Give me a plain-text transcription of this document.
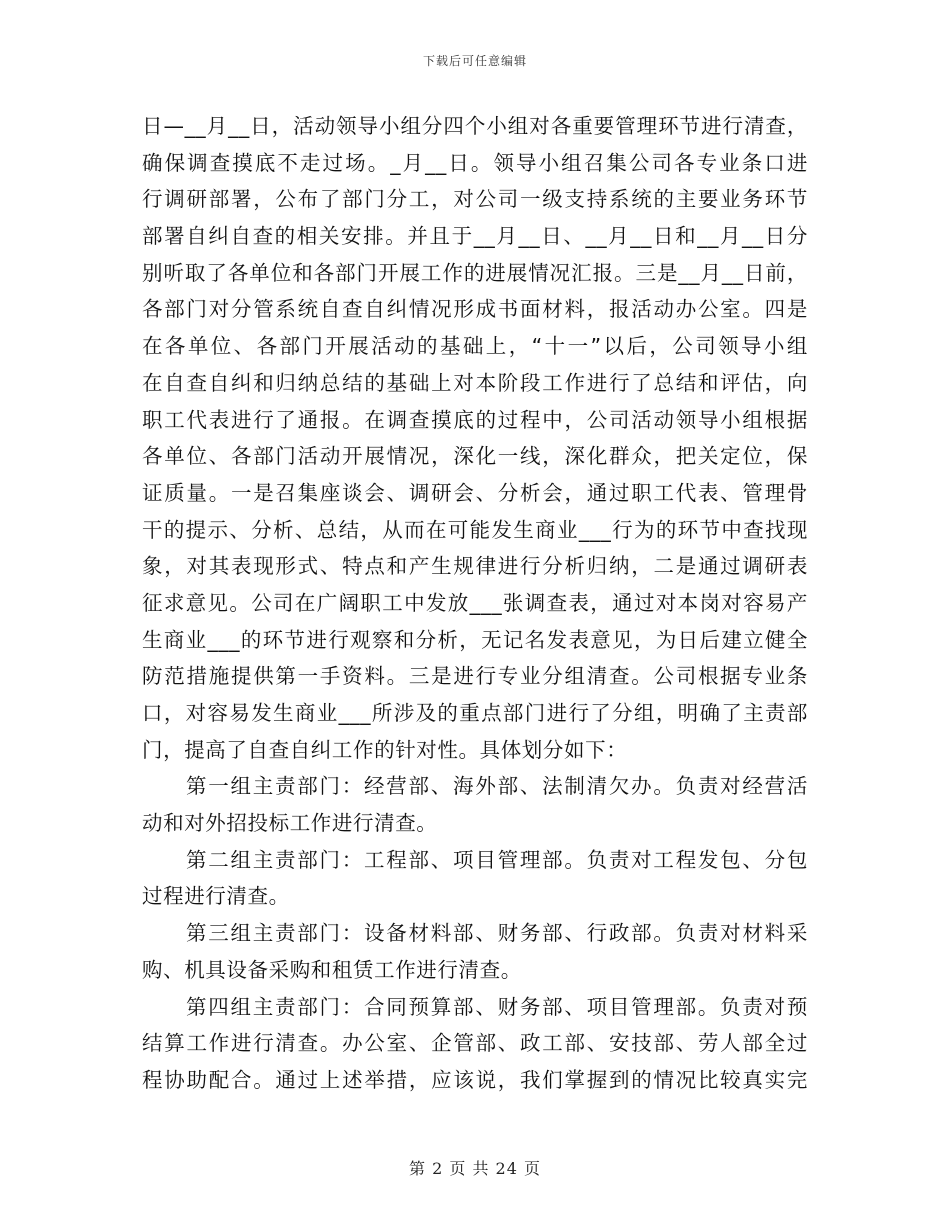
下载后可任意编辑
日—__月__日，活动领导小组分四个小组对各重要管理环节进行清查，
确保调查摸底不走过场。_月__日。领导小组召集公司各专业条口进
行调研部署，公布了部门分工，对公司一级支持系统的主要业务环节
部署自纠自查的相关安排。并且于__月__日、__月__日和__月__日分
别听取了各单位和各部门开展工作的进展情况汇报。三是__月__日前，
各部门对分管系统自查自纠情况形成书面材料，报活动办公室。四是
在各单位、各部门开展活动的基础上，“十一”以后，公司领导小组
在自查自纠和归纳总结的基础上对本阶段工作进行了总结和评估，向
职工代表进行了通报。在调查摸底的过程中，公司活动领导小组根据
各单位、各部门活动开展情况，深化一线，深化群众，把关定位，保
证质量。一是召集座谈会、调研会、分析会，通过职工代表、管理骨
干的提示、分析、总结，从而在可能发生商业___行为的环节中查找现
象，对其表现形式、特点和产生规律进行分析归纳，二是通过调研表
征求意见。公司在广阔职工中发放___张调查表，通过对本岗对容易产
生商业___的环节进行观察和分析，无记名发表意见，为日后建立健全
防范措施提供第一手资料。三是进行专业分组清查。公司根据专业条
口，对容易发生商业___所涉及的重点部门进行了分组，明确了主责部
门，提高了自查自纠工作的针对性。具体划分如下：
第一组主责部门：经营部、海外部、法制清欠办。负责对经营活
动和对外招投标工作进行清查。
第二组主责部门：工程部、项目管理部。负责对工程发包、分包
过程进行清查。
第三组主责部门：设备材料部、财务部、行政部。负责对材料采
购、机具设备采购和租赁工作进行清查。
第四组主责部门：合同预算部、财务部、项目管理部。负责对预
结算工作进行清查。办公室、企管部、政工部、安技部、劳人部全过
程协助配合。通过上述举措，应该说，我们掌握到的情况比较真实完
第 2 页 共 24 页
